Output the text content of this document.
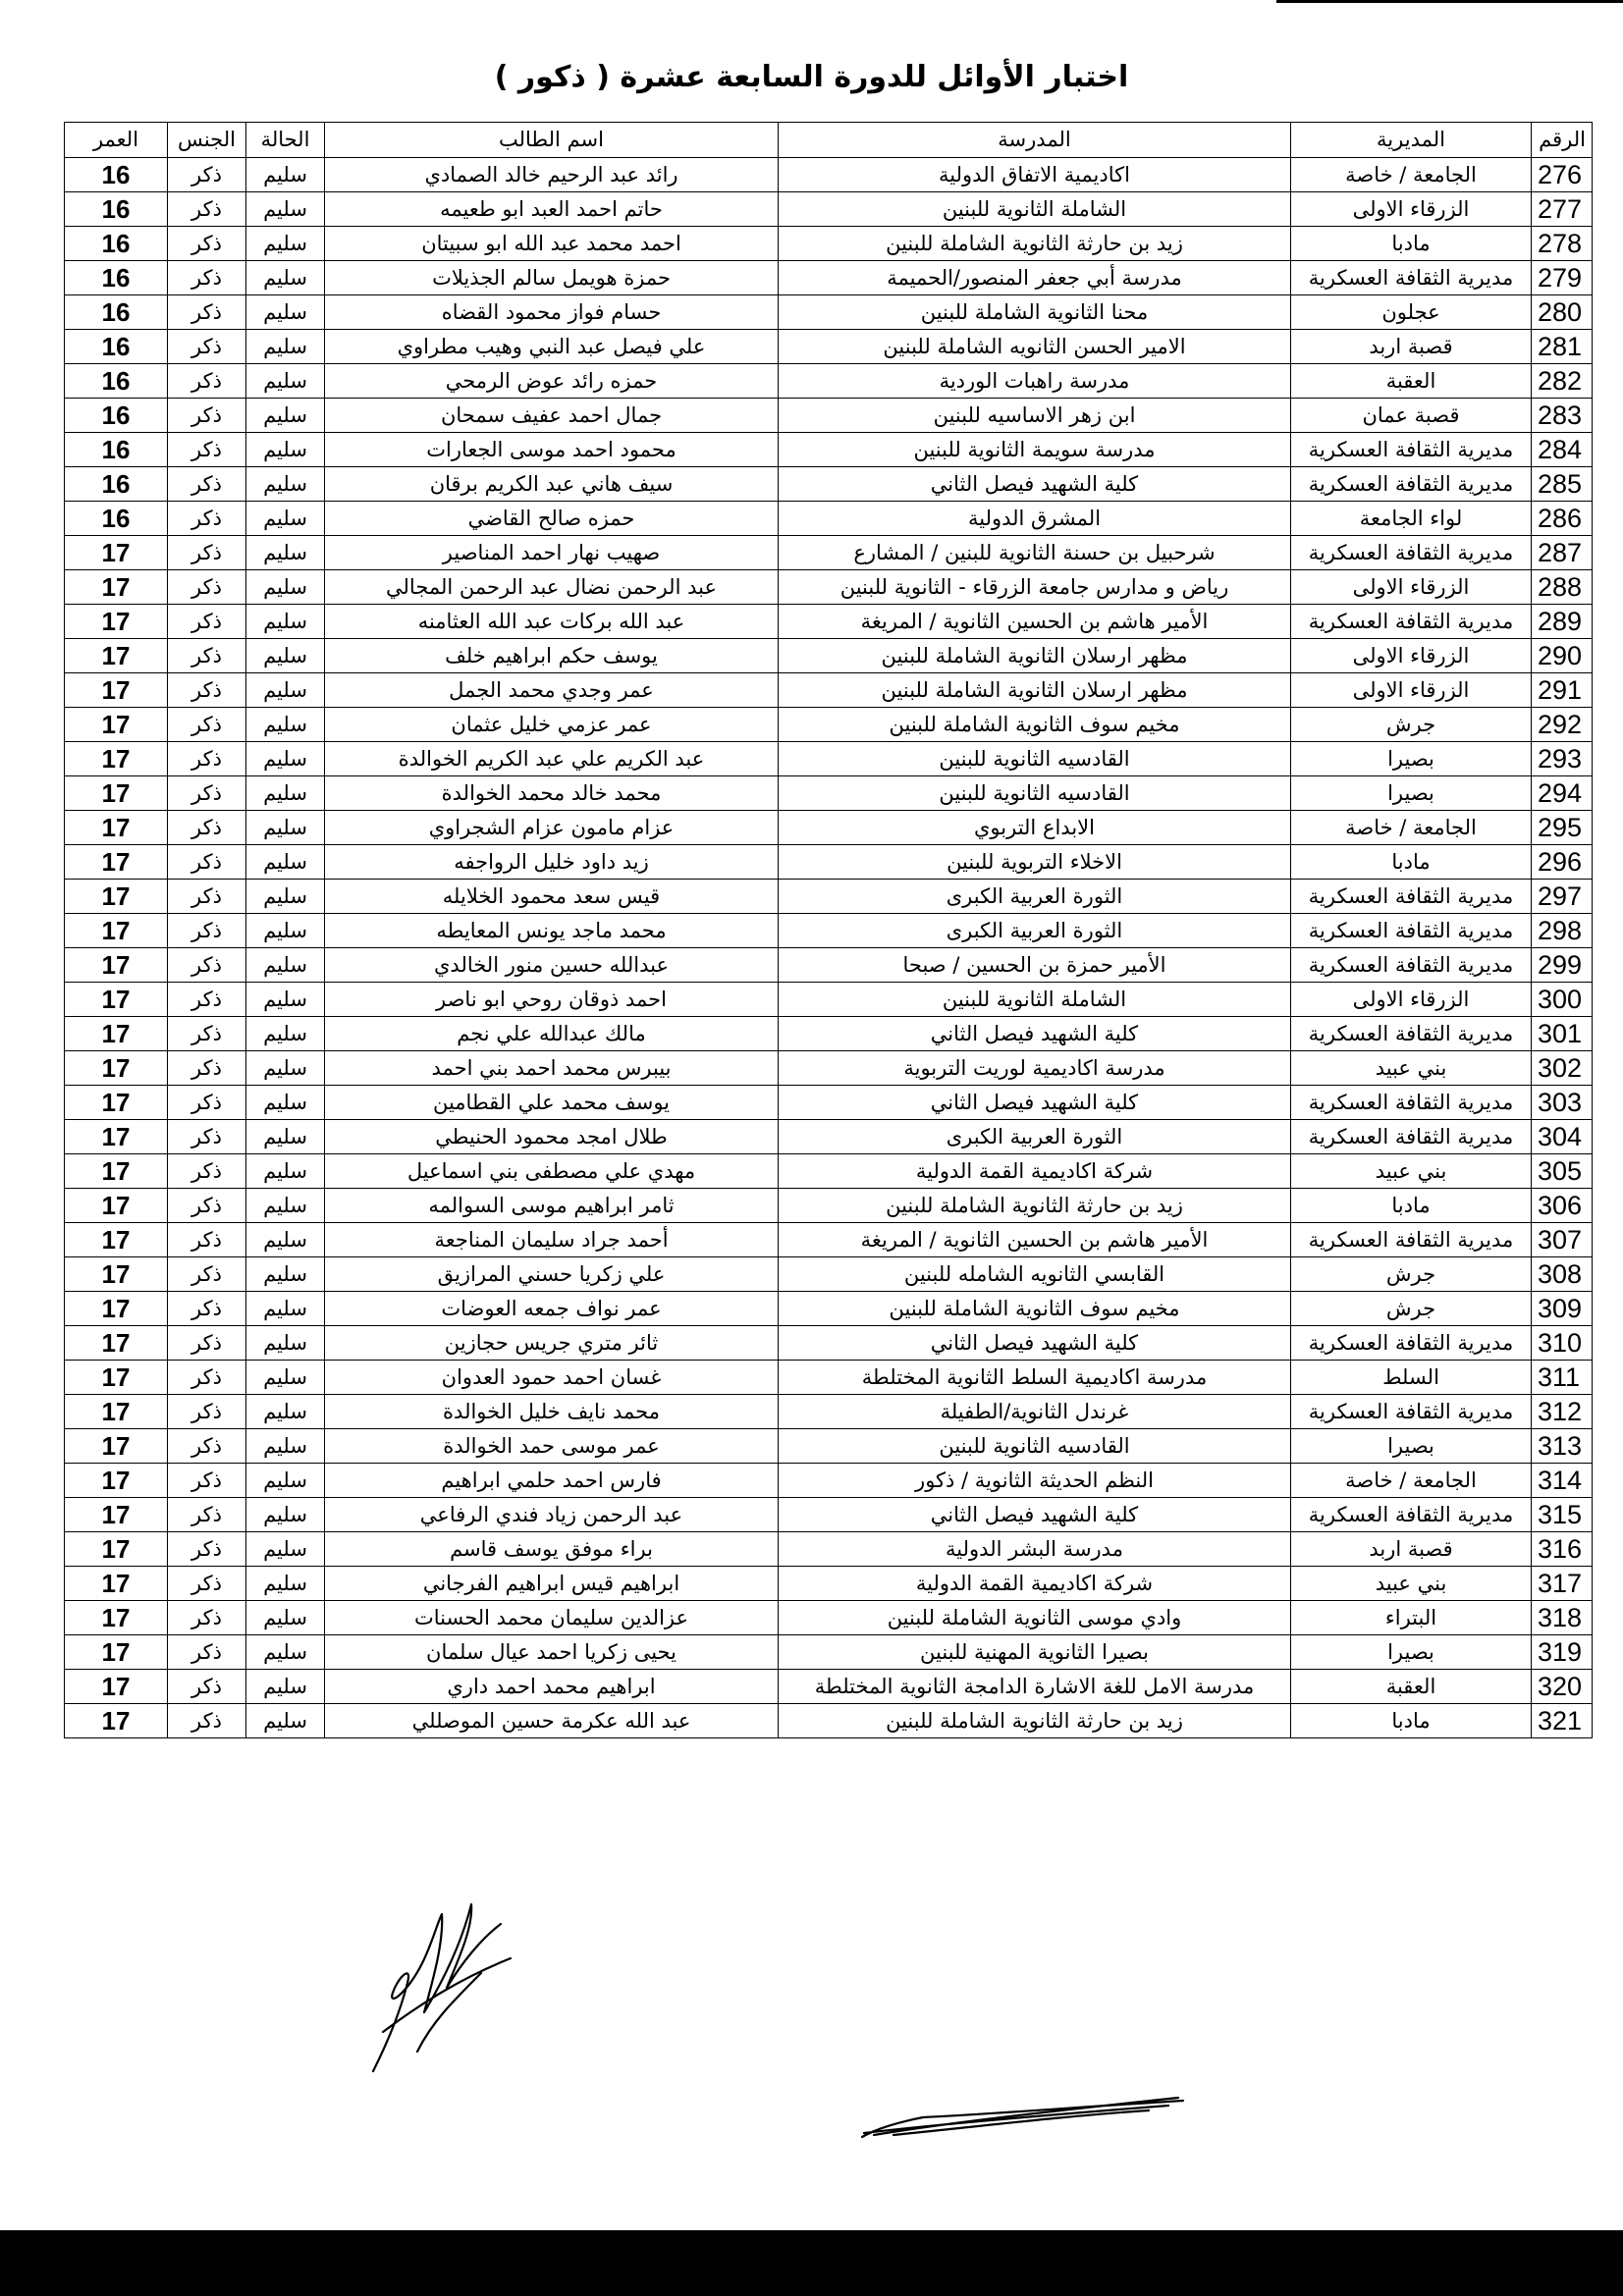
اختبار الأوائل للدورة السابعة عشرة ( ذكور )
الرقم	المديرية	المدرسة	اسم الطالب	الحالة	الجنس	العمر
276	الجامعة / خاصة	اكاديمية الاتفاق الدولية	رائد عبد الرحيم خالد الصمادي	سليم	ذكر	16
277	الزرقاء الاولى	الشاملة الثانوية للبنين	حاتم احمد العبد ابو طعيمه	سليم	ذكر	16
278	مادبا	زيد بن حارثة الثانوية الشاملة للبنين	احمد محمد عبد الله ابو سبيتان	سليم	ذكر	16
279	مديرية الثقافة العسكرية	مدرسة أبي جعفر المنصور/الحميمة	حمزة هويمل سالم الجذيلات	سليم	ذكر	16
280	عجلون	محنا الثانوية الشاملة للبنين	حسام فواز محمود القضاه	سليم	ذكر	16
281	قصبة اربد	الامير الحسن الثانويه الشاملة للبنين	علي فيصل عبد النبي وهيب مطراوي	سليم	ذكر	16
282	العقبة	مدرسة راهبات الوردية	حمزه رائد عوض الرمحي	سليم	ذكر	16
283	قصبة عمان	ابن زهر الاساسيه للبنين	جمال احمد عفيف سمحان	سليم	ذكر	16
284	مديرية الثقافة العسكرية	مدرسة سويمة الثانوية للبنين	محمود احمد موسى الجعارات	سليم	ذكر	16
285	مديرية الثقافة العسكرية	كلية الشهيد فيصل الثاني	سيف هاني عبد الكريم برقان	سليم	ذكر	16
286	لواء الجامعة	المشرق الدولية	حمزه صالح القاضي	سليم	ذكر	16
287	مديرية الثقافة العسكرية	شرحبيل بن حسنة الثانوية للبنين / المشارع	صهيب نهار احمد المناصير	سليم	ذكر	17
288	الزرقاء الاولى	رياض و مدارس جامعة الزرقاء - الثانوية للبنين	عبد الرحمن نضال عبد الرحمن المجالي	سليم	ذكر	17
289	مديرية الثقافة العسكرية	الأمير هاشم بن الحسين الثانوية / المريغة	عبد الله بركات عبد الله العثامنه	سليم	ذكر	17
290	الزرقاء الاولى	مظهر ارسلان الثانوية الشاملة للبنين	يوسف حكم ابراهيم خلف	سليم	ذكر	17
291	الزرقاء الاولى	مظهر ارسلان الثانوية الشاملة للبنين	عمر وجدي محمد الجمل	سليم	ذكر	17
292	جرش	مخيم سوف الثانوية الشاملة للبنين	عمر عزمي خليل عثمان	سليم	ذكر	17
293	بصيرا	القادسيه الثانوية للبنين	عبد الكريم علي عبد الكريم الخوالدة	سليم	ذكر	17
294	بصيرا	القادسيه الثانوية للبنين	محمد خالد محمد الخوالدة	سليم	ذكر	17
295	الجامعة / خاصة	الابداع التربوي	عزام مامون عزام الشجراوي	سليم	ذكر	17
296	مادبا	الاخلاء التربوية للبنين	زيد داود خليل الرواجفه	سليم	ذكر	17
297	مديرية الثقافة العسكرية	الثورة العربية الكبرى	قيس سعد محمود الخلايله	سليم	ذكر	17
298	مديرية الثقافة العسكرية	الثورة العربية الكبرى	محمد ماجد يونس المعايطه	سليم	ذكر	17
299	مديرية الثقافة العسكرية	الأمير حمزة بن الحسين / صبحا	عبدالله حسين منور الخالدي	سليم	ذكر	17
300	الزرقاء الاولى	الشاملة الثانوية للبنين	احمد ذوقان روحي ابو ناصر	سليم	ذكر	17
301	مديرية الثقافة العسكرية	كلية الشهيد فيصل الثاني	مالك عبدالله علي نجم	سليم	ذكر	17
302	بني عبيد	مدرسة اكاديمية لوريت التربوية	بيبرس محمد احمد بني احمد	سليم	ذكر	17
303	مديرية الثقافة العسكرية	كلية الشهيد فيصل الثاني	يوسف محمد علي القطامين	سليم	ذكر	17
304	مديرية الثقافة العسكرية	الثورة العربية الكبرى	طلال امجد محمود الحنيطي	سليم	ذكر	17
305	بني عبيد	شركة اكاديمية القمة الدولية	مهدي علي مصطفى بني اسماعيل	سليم	ذكر	17
306	مادبا	زيد بن حارثة الثانوية الشاملة للبنين	ثامر ابراهيم موسى السوالمه	سليم	ذكر	17
307	مديرية الثقافة العسكرية	الأمير هاشم بن الحسين الثانوية / المريغة	أحمد جراد سليمان المناجعة	سليم	ذكر	17
308	جرش	القابسي الثانويه الشامله للبنين	علي زكريا حسني المرازيق	سليم	ذكر	17
309	جرش	مخيم سوف الثانوية الشاملة للبنين	عمر نواف جمعه العوضات	سليم	ذكر	17
310	مديرية الثقافة العسكرية	كلية الشهيد فيصل الثاني	ثائر متري جريس حجازين	سليم	ذكر	17
311	السلط	مدرسة اكاديمية السلط الثانوية المختلطة	غسان احمد حمود العدوان	سليم	ذكر	17
312	مديرية الثقافة العسكرية	غرندل الثانوية/الطفيلة	محمد نايف خليل الخوالدة	سليم	ذكر	17
313	بصيرا	القادسيه الثانوية للبنين	عمر موسى حمد الخوالدة	سليم	ذكر	17
314	الجامعة / خاصة	النظم الحديثة الثانوية / ذكور	فارس احمد حلمي ابراهيم	سليم	ذكر	17
315	مديرية الثقافة العسكرية	كلية الشهيد فيصل الثاني	عبد الرحمن زياد فندي الرفاعي	سليم	ذكر	17
316	قصبة اربد	مدرسة البشر الدولية	براء موفق يوسف قاسم	سليم	ذكر	17
317	بني عبيد	شركة اكاديمية القمة الدولية	ابراهيم قيس ابراهيم الفرجاني	سليم	ذكر	17
318	البتراء	وادي موسى الثانوية الشاملة للبنين	عزالدين سليمان محمد الحسنات	سليم	ذكر	17
319	بصيرا	بصيرا الثانوية المهنية للبنين	يحيى زكريا احمد عيال سلمان	سليم	ذكر	17
320	العقبة	مدرسة الامل للغة الاشارة الدامجة الثانوية المختلطة	ابراهيم محمد احمد داري	سليم	ذكر	17
321	مادبا	زيد بن حارثة الثانوية الشاملة للبنين	عبد الله عكرمة حسين الموصللي	سليم	ذكر	17
